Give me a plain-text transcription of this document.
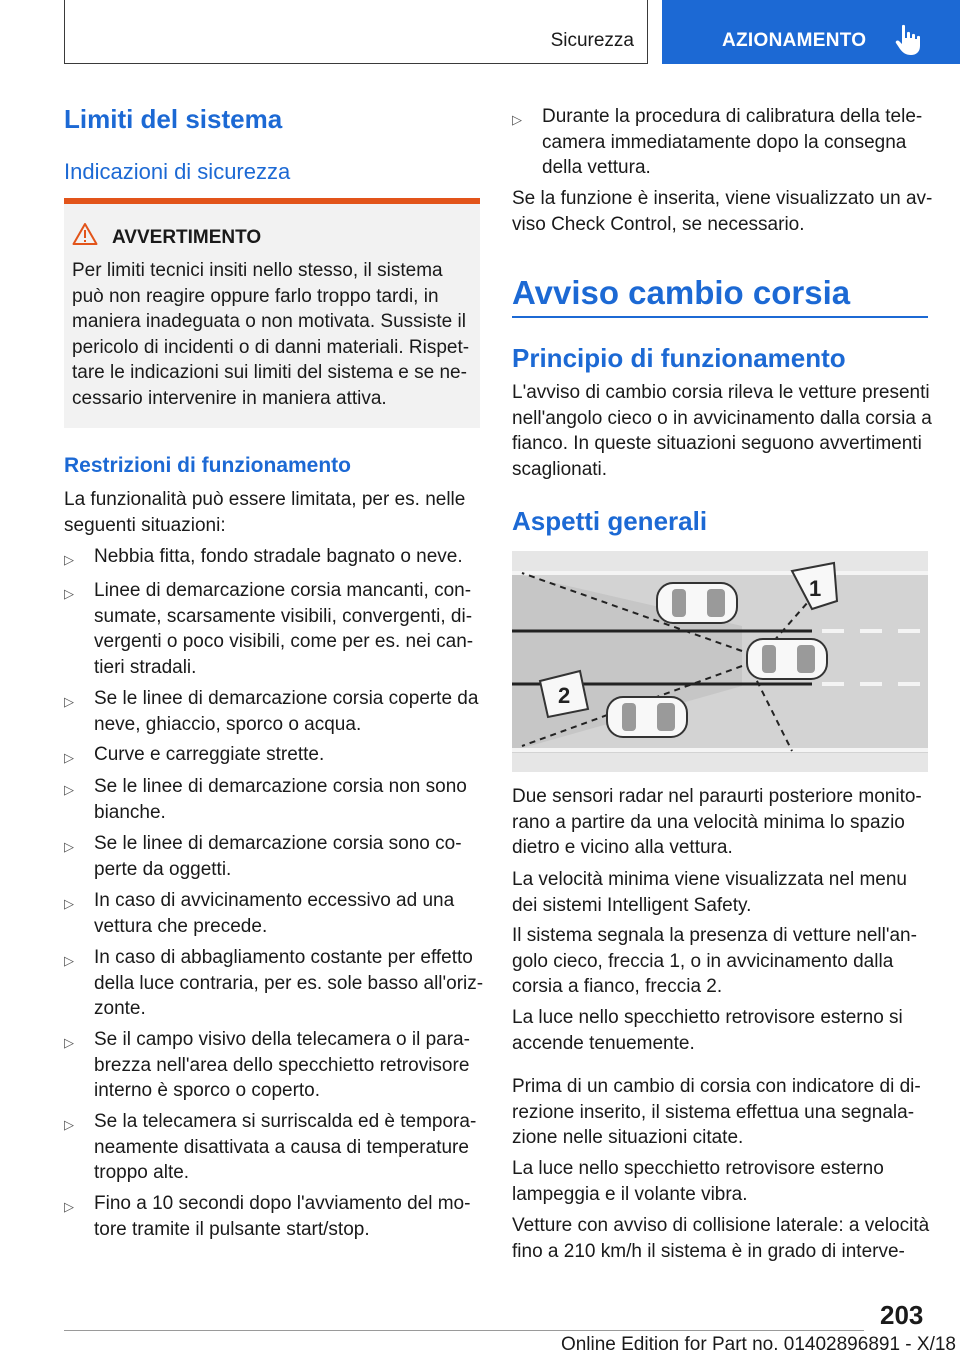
Sicurezza	AZIONAMENTO
Limiti del sistema
Indicazioni di sicurezza
AVVERTIMENTO
Per limiti tecnici insiti nello stesso, il sistema
può non reagire oppure farlo troppo tardi, in
maniera inadeguata o non motivata. Sussiste il
pericolo di incidenti o di danni materiali. Rispet-
tare le indicazioni sui limiti del sistema e se ne-
cessario intervenire in maniera attiva.
Restrizioni di funzionamento
La funzionalità può essere limitata, per es. nelle
seguenti situazioni:
▷	Nebbia fitta, fondo stradale bagnato o neve.
▷	Linee di demarcazione corsia mancanti, con-
sumate, scarsamente visibili, convergenti, di-
vergenti o poco visibili, come per es. nei can-
tieri stradali.
▷	Se le linee di demarcazione corsia coperte da
neve, ghiaccio, sporco o acqua.
▷	Curve e carreggiate strette.
▷	Se le linee di demarcazione corsia non sono
bianche.
▷	Se le linee di demarcazione corsia sono co-
perte da oggetti.
▷	In caso di avvicinamento eccessivo ad una
vettura che precede.
▷	In caso di abbagliamento costante per effetto
della luce contraria, per es. sole basso all'oriz-
zonte.
▷	Se il campo visivo della telecamera o il para-
brezza nell'area dello specchietto retrovisore
interno è sporco o coperto.
▷	Se la telecamera si surriscalda ed è tempora-
neamente disattivata a causa di temperature
troppo alte.
▷	Fino a 10 secondi dopo l'avviamento del mo-
tore tramite il pulsante start/stop.
▷	Durante la procedura di calibratura della tele-
camera immediatamente dopo la consegna
della vettura.
Se la funzione è inserita, viene visualizzato un av-
viso Check Control, se necessario.
Avviso cambio corsia
Principio di funzionamento
L'avviso di cambio corsia rileva le vetture presenti
nell'angolo cieco o in avvicinamento dalla corsia a
fianco. In queste situazioni seguono avvertimenti
scaglionati.
Aspetti generali
1
2
Due sensori radar nel paraurti posteriore monito-
rano a partire da una velocità minima lo spazio
dietro e vicino alla vettura.
La velocità minima viene visualizzata nel menu
dei sistemi Intelligent Safety.
Il sistema segnala la presenza di vetture nell'an-
golo cieco, freccia 1, o in avvicinamento dalla
corsia a fianco, freccia 2.
La luce nello specchietto retrovisore esterno si
accende tenuemente.
Prima di un cambio di corsia con indicatore di di-
rezione inserito, il sistema effettua una segnala-
zione nelle situazioni citate.
La luce nello specchietto retrovisore esterno
lampeggia e il volante vibra.
Vetture con avviso di collisione laterale: a velocità
fino a 210 km/h il sistema è in grado di interve-
203
Online Edition for Part no. 01402896891 - X/18
